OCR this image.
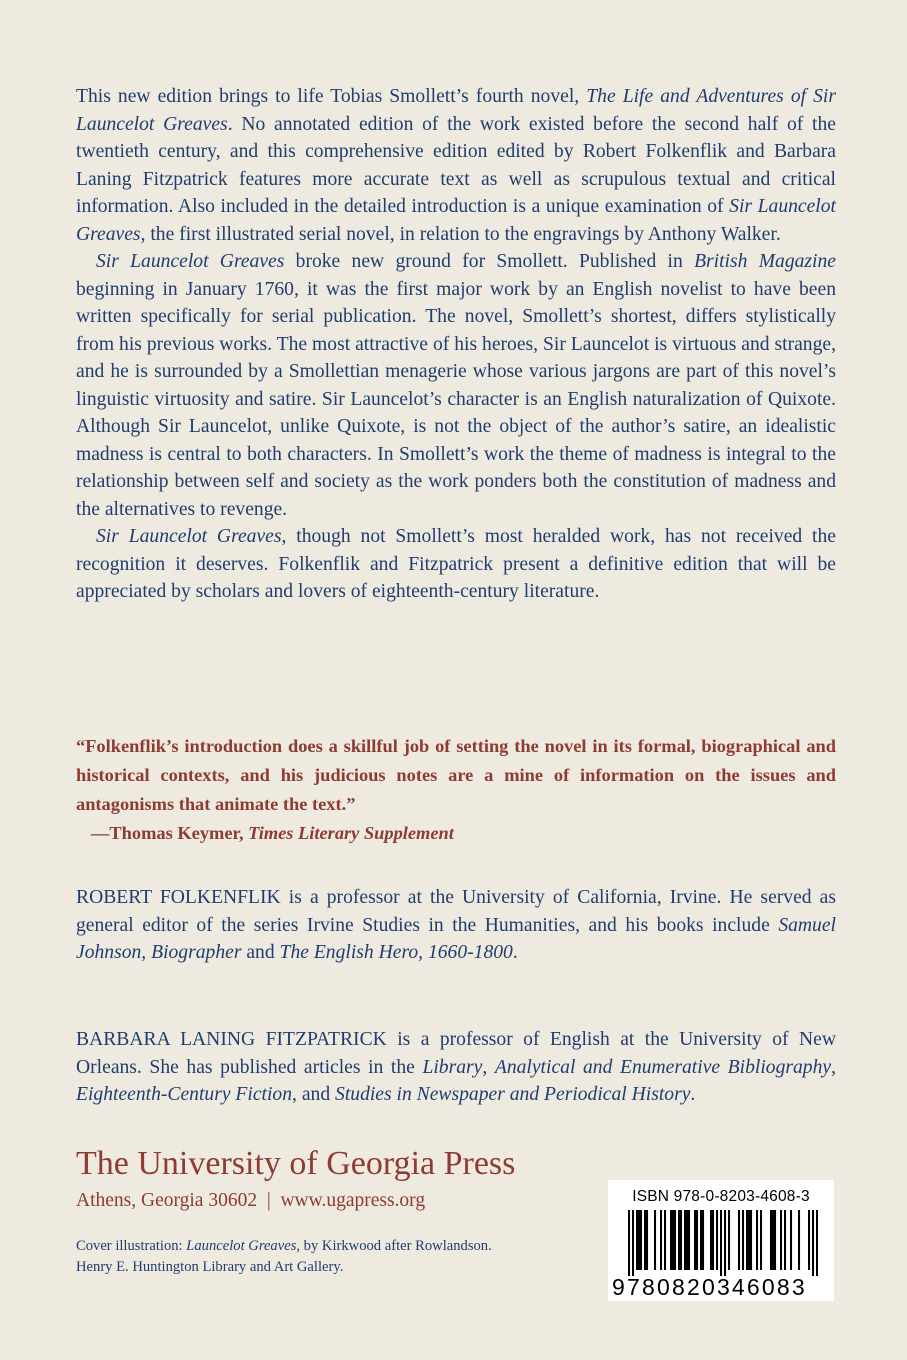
This new edition brings to life Tobias Smollett’s fourth novel, The Life and Adventures of Sir Launcelot Greaves. No annotated edition of the work existed before the second half of the twentieth century, and this comprehensive edition edited by Robert Folkenflik and Barbara Laning Fitzpatrick features more accurate text as well as scrupulous textual and critical information. Also included in the detailed introduction is a unique examination of Sir Launcelot Greaves, the first illustrated serial novel, in relation to the engravings by Anthony Walker.

Sir Launcelot Greaves broke new ground for Smollett. Published in British Magazine beginning in January 1760, it was the first major work by an English novelist to have been written specifically for serial publication. The novel, Smollett’s shortest, differs stylistically from his previous works. The most attractive of his heroes, Sir Launcelot is virtuous and strange, and he is surrounded by a Smollettian menagerie whose various jargons are part of this novel’s linguistic virtuosity and satire. Sir Launcelot’s character is an English naturalization of Quixote. Although Sir Launcelot, unlike Quixote, is not the object of the author’s satire, an idealistic madness is central to both characters. In Smollett’s work the theme of madness is integral to the relationship between self and society as the work ponders both the constitution of madness and the alternatives to revenge.

Sir Launcelot Greaves, though not Smollett’s most heralded work, has not received the recognition it deserves. Folkenflik and Fitzpatrick present a definitive edition that will be appreciated by scholars and lovers of eighteenth-century literature.

“Folkenflik’s introduction does a skillful job of setting the novel in its formal, biographical and historical contexts, and his judicious notes are a mine of information on the issues and antagonisms that animate the text.”

—Thomas Keymer, Times Literary Supplement

ROBERT FOLKENFLIK is a professor at the University of California, Irvine. He served as general editor of the series Irvine Studies in the Humanities, and his books include Samuel Johnson, Biographer and The English Hero, 1660-1800.

BARBARA LANING FITZPATRICK is a professor of English at the University of New Orleans. She has published articles in the Library, Analytical and Enumerative Bibliography, Eighteenth-Century Fiction, and Studies in Newspaper and Periodical History.

The University of Georgia Press
Athens, Georgia 30602  |  www.ugapress.org

Cover illustration: Launcelot Greaves, by Kirkwood after Rowlandson.

Henry E. Huntington Library and Art Gallery.

ISBN 978-0-8203-4608-3
9780820346083
